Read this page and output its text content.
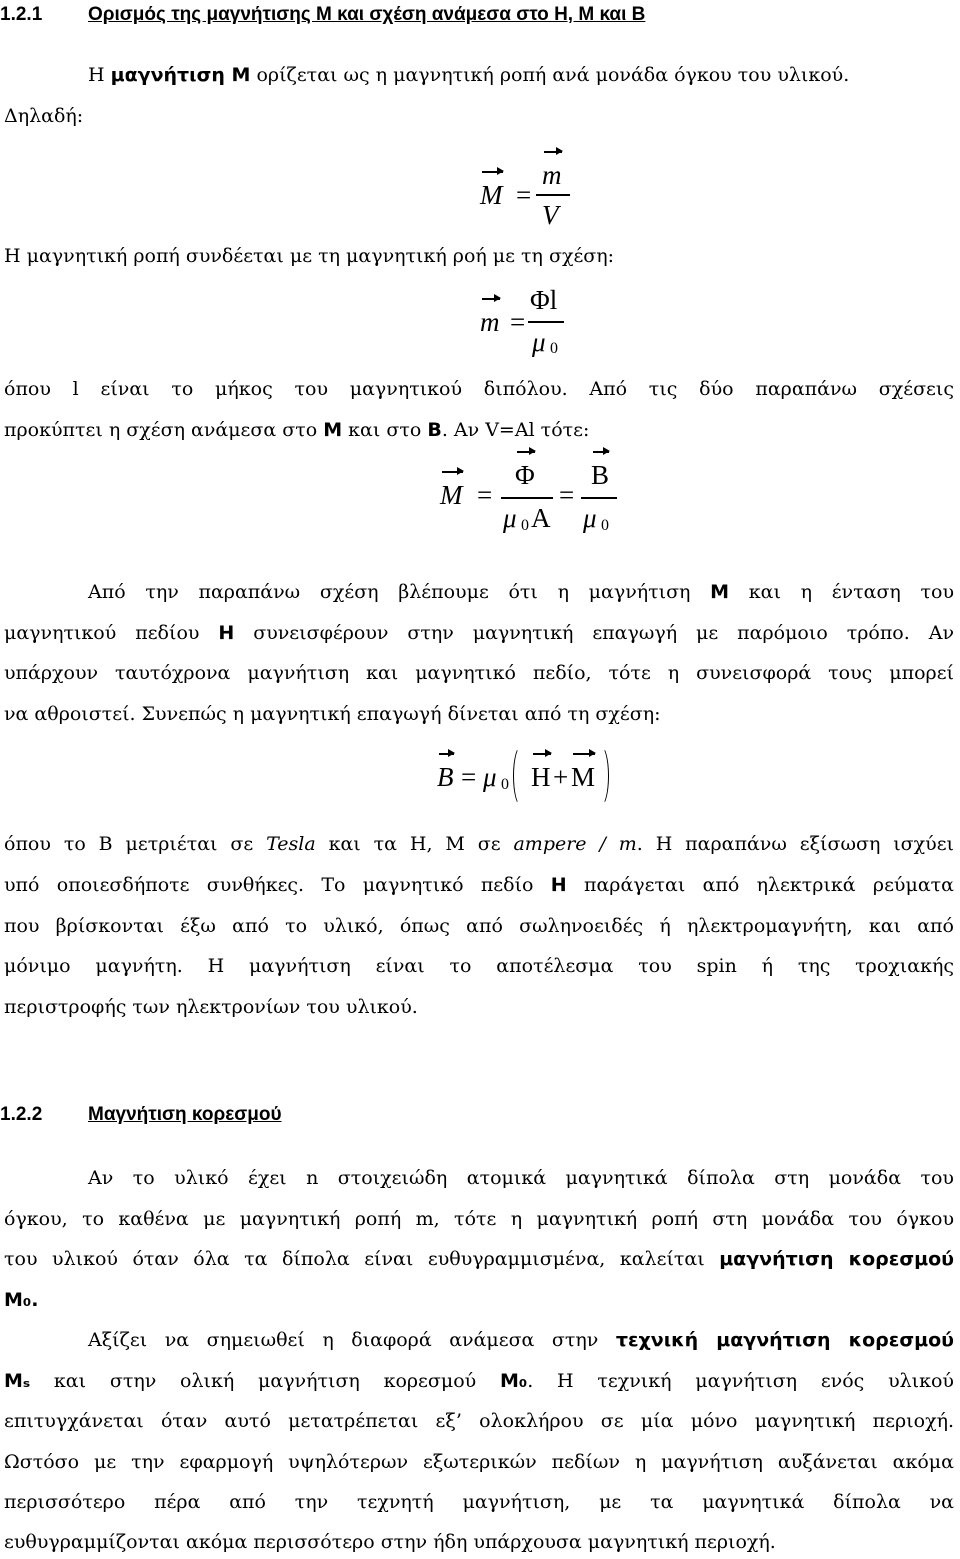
1.2.1 Ορισμός της μαγνήτισης Μ και σχέση ανάμεσα στο Η, Μ και Β

Η μαγνήτιση Μ ορίζεται ως η μαγνητική ροπή ανά μονάδα όγκου του υλικού.

Δηλαδή:

M =
m
V

Η μαγνητική ροπή συνδέεται με τη μαγνητική ροή με τη σχέση:

m =
Φl
μ 0

όπου l είναι το μήκος του μαγνητικού διπόλου. Από τις δύο παραπάνω σχέσεις

προκύπτει η σχέση ανάμεσα στο Μ και στο Β. Αν V=Al τότε:

M =
Φ
μ 0 A
=
B
μ 0

Από την παραπάνω σχέση βλέπουμε ότι η μαγνήτιση Μ και η ένταση του

μαγνητικού πεδίου Η συνεισφέρουν στην μαγνητική επαγωγή με παρόμοιο τρόπο. Αν

υπάρχουν ταυτόχρονα μαγνήτιση και μαγνητικό πεδίο, τότε η συνεισφορά τους μπορεί

να αθροιστεί. Συνεπώς η μαγνητική επαγωγή δίνεται από τη σχέση:

B = μ 0 H + M

όπου το Β μετριέται σε Tesla και τα Η, Μ σε ampere / m. Η παραπάνω εξίσωση ισχύει

υπό οποιεσδήποτε συνθήκες. Το μαγνητικό πεδίο Η παράγεται από ηλεκτρικά ρεύματα

που βρίσκονται έξω από το υλικό, όπως από σωληνοειδές ή ηλεκτρομαγνήτη, και από

μόνιμο μαγνήτη. Η μαγνήτιση είναι το αποτέλεσμα του spin ή της τροχιακής

περιστροφής των ηλεκτρονίων του υλικού.

1.2.2 Μαγνήτιση κορεσμού

Αν το υλικό έχει n στοιχειώδη ατομικά μαγνητικά δίπολα στη μονάδα του

όγκου, το καθένα με μαγνητική ροπή m, τότε η μαγνητική ροπή στη μονάδα του όγκου

του υλικού όταν όλα τα δίπολα είναι ευθυγραμμισμένα, καλείται μαγνήτιση κορεσμού

M₀.

Αξίζει να σημειωθεί η διαφορά ανάμεσα στην τεχνική μαγνήτιση κορεσμού

Mₛ και στην ολική μαγνήτιση κορεσμού M₀. Η τεχνική μαγνήτιση ενός υλικού

επιτυγχάνεται όταν αυτό μετατρέπεται εξ’ ολοκλήρου σε μία μόνο μαγνητική περιοχή.

Ωστόσο με την εφαρμογή υψηλότερων εξωτερικών πεδίων η μαγνήτιση αυξάνεται ακόμα

περισσότερο πέρα από την τεχνητή μαγνήτιση, με τα μαγνητικά δίπολα να

ευθυγραμμίζονται ακόμα περισσότερο στην ήδη υπάρχουσα μαγνητική περιοχή.
